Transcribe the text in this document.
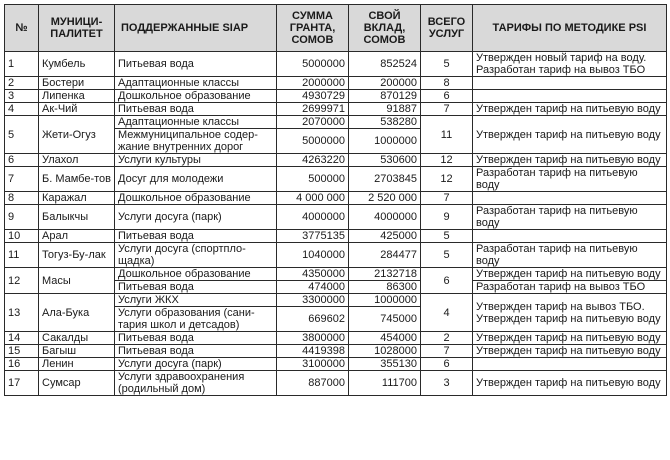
№	МУНИЦИ-ПАЛИТЕТ	ПОДДЕРЖАННЫЕ SIAP	СУММА ГРАНТА, СОМОВ	СВОЙ ВКЛАД, СОМОВ	ВСЕГО УСЛУГ	ТАРИФЫ ПО МЕТОДИКЕ PSI
1	Кумбель	Питьевая вода	5000000	852524	5	Утвержден новый тариф на воду. Разработан тариф на вывоз ТБО
2	Бостери	Адаптационные классы	2000000	200000	8	
3	Липенка	Дошкольное образование	4930729	870129	6	
4	Ак-Чий	Питьевая вода	2699971	91887	7	Утвержден тариф на питьевую воду
5	Жети-Огуз	Адаптационные классы	2070000	538280	11	Утвержден тариф на питьевую воду
		Межмуниципальное содер-жание внутренних дорог	5000000	1000000		
6	Улахол	Услуги культуры	4263220	530600	12	Утвержден тариф на питьевую воду
7	Б. Мамбе-тов	Досуг для молодежи	500000	2703845	12	Разработан тариф на питьевую воду
8	Каражал	Дошкольное образование	4 000 000	2 520 000	7	
9	Балыкчы	Услуги досуга (парк)	4000000	4000000	9	Разработан тариф на питьевую воду
10	Арал	Питьевая вода	3775135	425000	5	
11	Тогуз-Бу-лак	Услуги досуга (спортпло-щадка)	1040000	284477	5	Разработан тариф на питьевую воду
12	Масы	Дошкольное образование	4350000	2132718	6	Утвержден тариф на питьевую воду
		Питьевая вода	474000	86300		Разработан тариф на вывоз ТБО
13	Ала-Бука	Услуги ЖКХ	3300000	1000000	4	Утвержден тариф на вывоз ТБО. Утвержден тариф на питьевую воду
		Услуги образования (сани-тария школ и детсадов)	669602	745000		
14	Сакалды	Питьевая вода	3800000	454000	2	Утвержден тариф на питьевую воду
15	Багыш	Питьевая вода	4419398	1028000	7	Утвержден тариф на питьевую воду
16	Ленин	Услуги досуга (парк)	3100000	355130	6	
17	Сумсар	Услуги здравоохранения (родильный дом)	887000	111700	3	Утвержден тариф на питьевую воду
